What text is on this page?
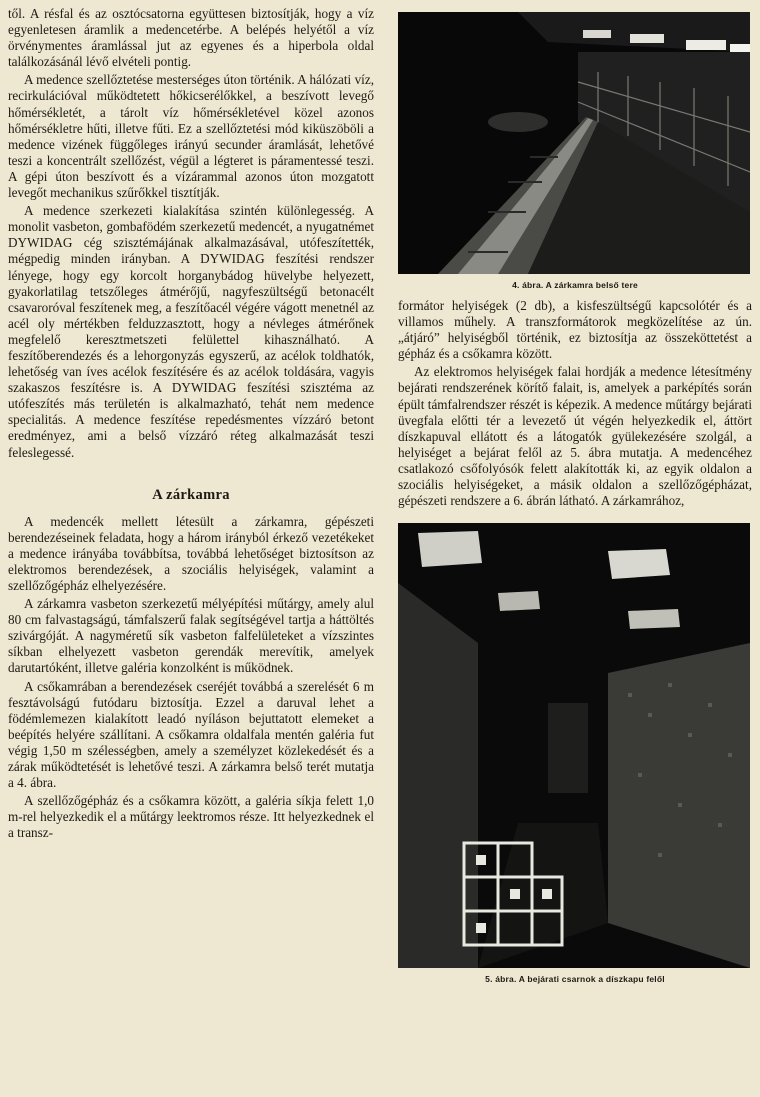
től. A résfal és az osztócsatorna együttesen biztosítják, hogy a víz egyenletesen áramlik a medencetérbe. A belépés helyétől a víz örvénymentes áramlással jut az egyenes és a hiperbola oldal találkozásánál lévő elvételi pontig.

A medence szellőztetése mesterséges úton történik. A hálózati víz, recirkulációval működtetett hőkicserélőkkel, a beszívott levegő hőmérsékletét, a tárolt víz hőmérsékletével közel azonos hőmérsékletre hűti, illetve fűti. Ez a szellőztetési mód kiküszöböli a medence vizének függőleges irányú secunder áramlását, lehetővé teszi a koncentrált szellőzést, végül a légteret is páramentessé teszi. A gépi úton beszívott és a vízárammal azonos úton mozgatott levegőt mechanikus szűrőkkel tisztítják.

A medence szerkezeti kialakítása szintén különlegesség. A monolit vasbeton, gombafödém szerkezetű medencét, a nyugatnémet DYWIDAG cég szisztémájának alkalmazásával, utófeszítették, mégpedig minden irányban. A DYWIDAG feszítési rendszer lényege, hogy egy korcolt horganybádog hüvelybe helyezett, gyakorlatilag tetszőleges átmérőjű, nagyfeszültségű betonacélt csavaroróval feszítenek meg, a feszítőacél végére vágott menetnél az acél oly mértékben felduzzasztott, hogy a névleges átmérőnek megfelelő keresztmetszeti felülettel kihasználható. A feszítőberendezés és a lehorgonyzás egyszerű, az acélok toldhatók, lehetőség van íves acélok feszítésére és az acélok toldására, vagyis szakaszos feszítésre is. A DYWIDAG feszítési szisztéma az utófeszítés más területén is alkalmazható, tehát nem medence specialitás. A medence feszítése repedésmentes vízzáró betont eredményez, ami a belső vízzáró réteg alkalmazását teszi feleslegessé.

A zárkamra

A medencék mellett létesült a zárkamra, gépészeti berendezéseinek feladata, hogy a három irányból érkező vezetékeket a medence irányába továbbítsa, továbbá lehetőséget biztosítson az elektromos berendezések, a szociális helyiségek, valamint a szellőzőgépház elhelyezésére.

A zárkamra vasbeton szerkezetű mélyépítési műtárgy, amely alul 80 cm falvastagságú, támfalszerű falak segítségével tartja a háttöltés szivárgóját. A nagyméretű sík vasbeton falfelületeket a vízszintes síkban elhelyezett vasbeton gerendák merevítik, amelyek darutartóként, illetve galéria konzolként is működnek.

A csőkamrában a berendezések cseréjét továbbá a szerelését 6 m fesztávolságú futódaru biztosítja. Ezzel a daruval lehet a födémlemezen kialakított leadó nyíláson bejuttatott elemeket a beépítés helyére szállítani. A csőkamra oldalfala mentén galéria fut végig 1,50 m szélességben, amely a személyzet közlekedését és a zárak működtetését is lehetővé teszi. A zárkamra belső terét mutatja a 4. ábra.

A szellőzőgépház és a csőkamra között, a galéria síkja felett 1,0 m-rel helyezkedik el a műtárgy leektromos része. Itt helyezkednek el a transz-

4. ábra. A zárkamra belső tere

formátor helyiségek (2 db), a kisfeszültségű kapcsolótér és a villamos műhely. A transzformátorok megközelítése az ún. „átjáró” helyiségből történik, ez biztosítja az összeköttetést a gépház és a csőkamra között.

Az elektromos helyiségek falai hordják a medence létesítmény bejárati rendszerének körítő falait, is, amelyek a parképítés során épült támfalrendszer részét is képezik. A medence műtárgy bejárati üvegfala előtti tér a levezető út végén helyezkedik el, áttört díszkapuval ellátott és a látogatók gyülekezésére szolgál, a helyiséget a bejárat felől az 5. ábra mutatja. A medencéhez csatlakozó csőfolyósók felett alakították ki, az egyik oldalon a szociális helyiségeket, a másik oldalon a szellőzőgépházat, gépészeti rendszere a 6. ábrán látható. A zárkamrához,

5. ábra. A bejárati csarnok a díszkapu felől
